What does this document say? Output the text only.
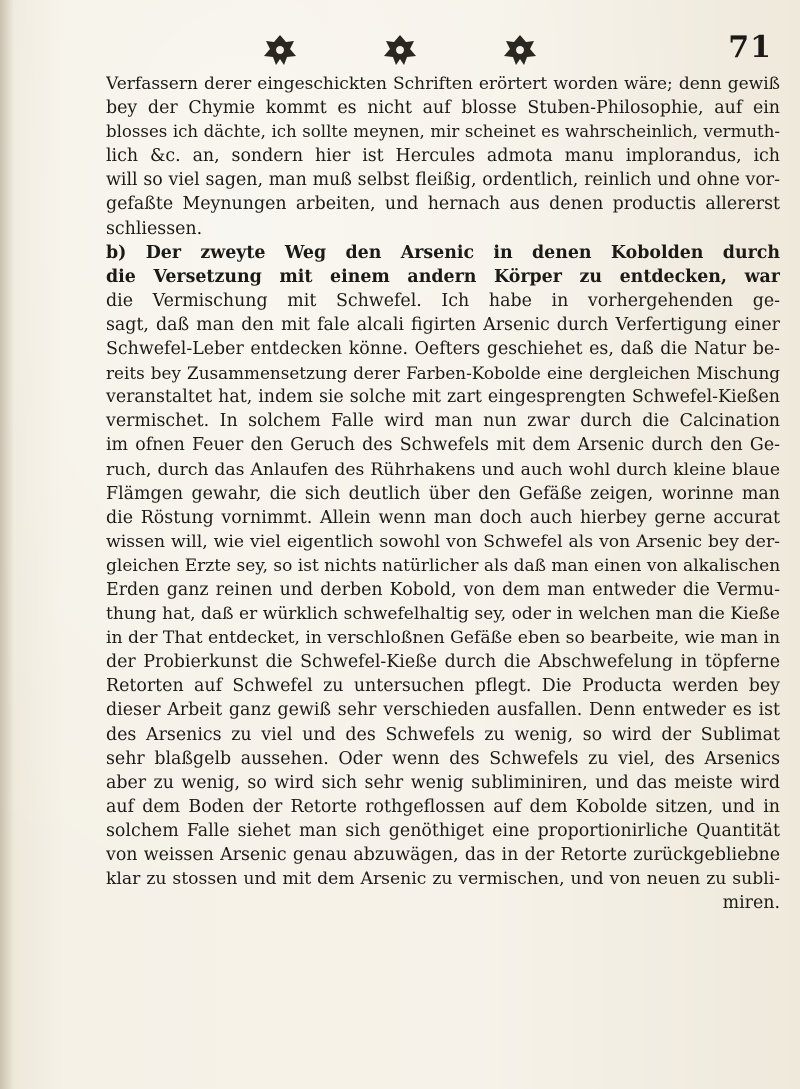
71
Verfassern derer eingeschickten Schriften erörtert worden wäre; denn gewiß
bey der Chymie kommt es nicht auf blosse Stuben-Philosophie, auf ein
blosses ich dächte, ich sollte meynen, mir scheinet es wahrscheinlich, vermuth-
lich &c. an, sondern hier ist Hercules admota manu implorandus, ich
will so viel sagen, man muß selbst fleißig, ordentlich, reinlich und ohne vor-
gefaßte Meynungen arbeiten, und hernach aus denen productis allererst
schliessen.
b) Der zweyte Weg den Arsenic in denen Kobolden durch
die Versetzung mit einem andern Körper zu entdecken, war
die Vermischung mit Schwefel. Ich habe in vorhergehenden ge-
sagt, daß man den mit fale alcali figirten Arsenic durch Verfertigung einer
Schwefel-Leber entdecken könne. Oefters geschiehet es, daß die Natur be-
reits bey Zusammensetzung derer Farben-Kobolde eine dergleichen Mischung
veranstaltet hat, indem sie solche mit zart eingesprengten Schwefel-Kießen
vermischet. In solchem Falle wird man nun zwar durch die Calcination
im ofnen Feuer den Geruch des Schwefels mit dem Arsenic durch den Ge-
ruch, durch das Anlaufen des Rührhakens und auch wohl durch kleine blaue
Flämgen gewahr, die sich deutlich über den Gefäße zeigen, worinne man
die Röstung vornimmt. Allein wenn man doch auch hierbey gerne accurat
wissen will, wie viel eigentlich sowohl von Schwefel als von Arsenic bey der-
gleichen Erzte sey, so ist nichts natürlicher als daß man einen von alkalischen
Erden ganz reinen und derben Kobold, von dem man entweder die Vermu-
thung hat, daß er würklich schwefelhaltig sey, oder in welchen man die Kieße
in der That entdecket, in verschloßnen Gefäße eben so bearbeite, wie man in
der Probierkunst die Schwefel-Kieße durch die Abschwefelung in töpferne
Retorten auf Schwefel zu untersuchen pflegt. Die Producta werden bey
dieser Arbeit ganz gewiß sehr verschieden ausfallen. Denn entweder es ist
des Arsenics zu viel und des Schwefels zu wenig, so wird der Sublimat
sehr blaßgelb aussehen. Oder wenn des Schwefels zu viel, des Arsenics
aber zu wenig, so wird sich sehr wenig subliminiren, und das meiste wird
auf dem Boden der Retorte rothgeflossen auf dem Kobolde sitzen, und in
solchem Falle siehet man sich genöthiget eine proportionirliche Quantität
von weissen Arsenic genau abzuwägen, das in der Retorte zurückgebliebne
klar zu stossen und mit dem Arsenic zu vermischen, und von neuen zu subli-
miren.
